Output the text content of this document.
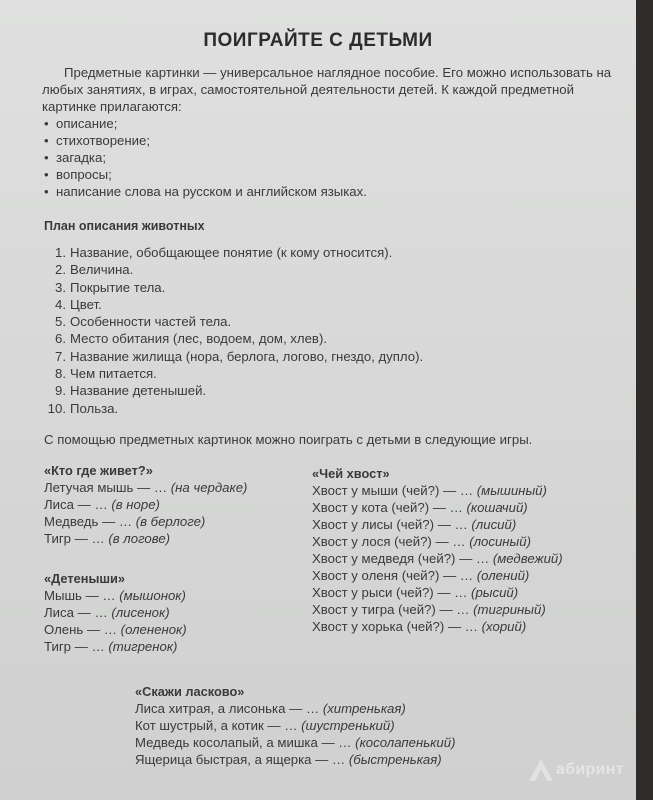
ПОИГРАЙТЕ С ДЕТЬМИ

Предметные картинки — универсальное наглядное пособие. Его можно использовать на любых занятиях, в играх, самостоятельной деятельности детей. К каждой предметной картинке прилагаются:

• описание;
• стихотворение;
• загадка;
• вопросы;
• написание слова на русском и английском языках.
План описания животных
1. Название, обобщающее понятие (к кому относится).
2. Величина.
3. Покрытие тела.
4. Цвет.
5. Особенности частей тела.
6. Место обитания (лес, водоем, дом, хлев).
7. Название жилища (нора, берлога, логово, гнездо, дупло).
8. Чем питается.
9. Название детенышей.
10. Польза.

С помощью предметных картинок можно поиграть с детьми в следующие игры.

«Кто где живет?»

Летучая мышь — … (на чердаке)
Лиса — … (в норе)
Медведь — … (в берлоге)
Тигр — … (в логове)

«Детеныши»

Мышь — … (мышонок)
Лиса — … (лисенок)
Олень — … (олененок)
Тигр — … (тигренок)

«Чей хвост»

Хвост у мыши (чей?) — … (мышиный)
Хвост у кота (чей?) — … (кошачий)
Хвост у лисы (чей?) — … (лисий)
Хвост у лося (чей?) — … (лосиный)
Хвост у медведя (чей?) — … (медвежий)
Хвост у оленя (чей?) — … (олений)
Хвост у рыси (чей?) — … (рысий)
Хвост у тигра (чей?) — … (тигриный)
Хвост у хорька (чей?) — … (хорий)

«Скажи ласково»

Лиса хитрая, а лисонька — … (хитренькая)
Кот шустрый, а котик — … (шустренький)
Медведь косолапый, а мишка — … (косолапенький)
Ящерица быстрая, а ящерка — … (быстренькая)
абиринт
